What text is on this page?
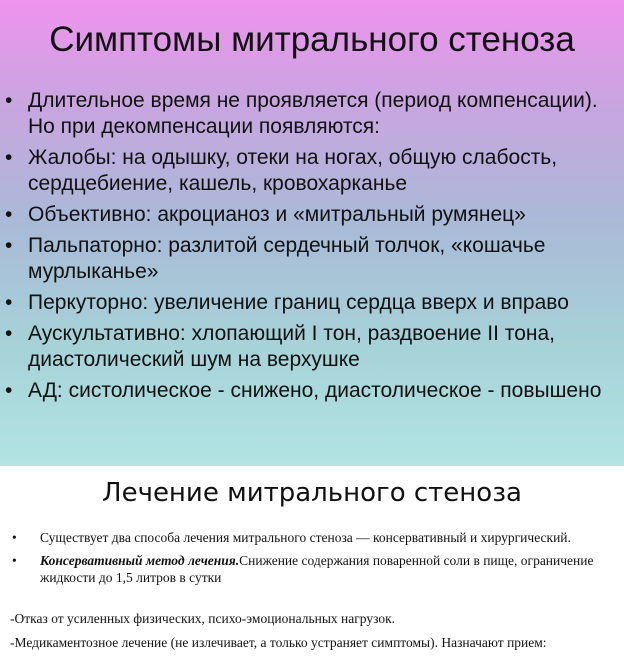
Симптомы митрального стеноза
• Длительное время не проявляется (период компенсации). Но при декомпенсации появляются:
• Жалобы: на одышку, отеки на ногах, общую слабость, сердцебиение, кашель, кровохарканье
• Объективно: акроцианоз и «митральный румянец»
• Пальпаторно: разлитой сердечный толчок, «кошачье мурлыканье»
• Перкуторно: увеличение границ сердца вверх и вправо
• Аускультативно: хлопающий I тон, раздвоение II тона, диастолический шум на верхушке
• АД: систолическое - снижено, диастолическое - повышено
Лечение митрального стеноза
• Существует два способа лечения митрального стеноза — консервативный и хирургический.
• Консервативный метод лечения.Снижение содержания поваренной соли в пище, ограничение жидкости до 1,5 литров в сутки
-Отказ от усиленных физических, психо-эмоциональных нагрузок.
-Медикаментозное лечение (не излечивает, а только устраняет симптомы). Назначают прием:
